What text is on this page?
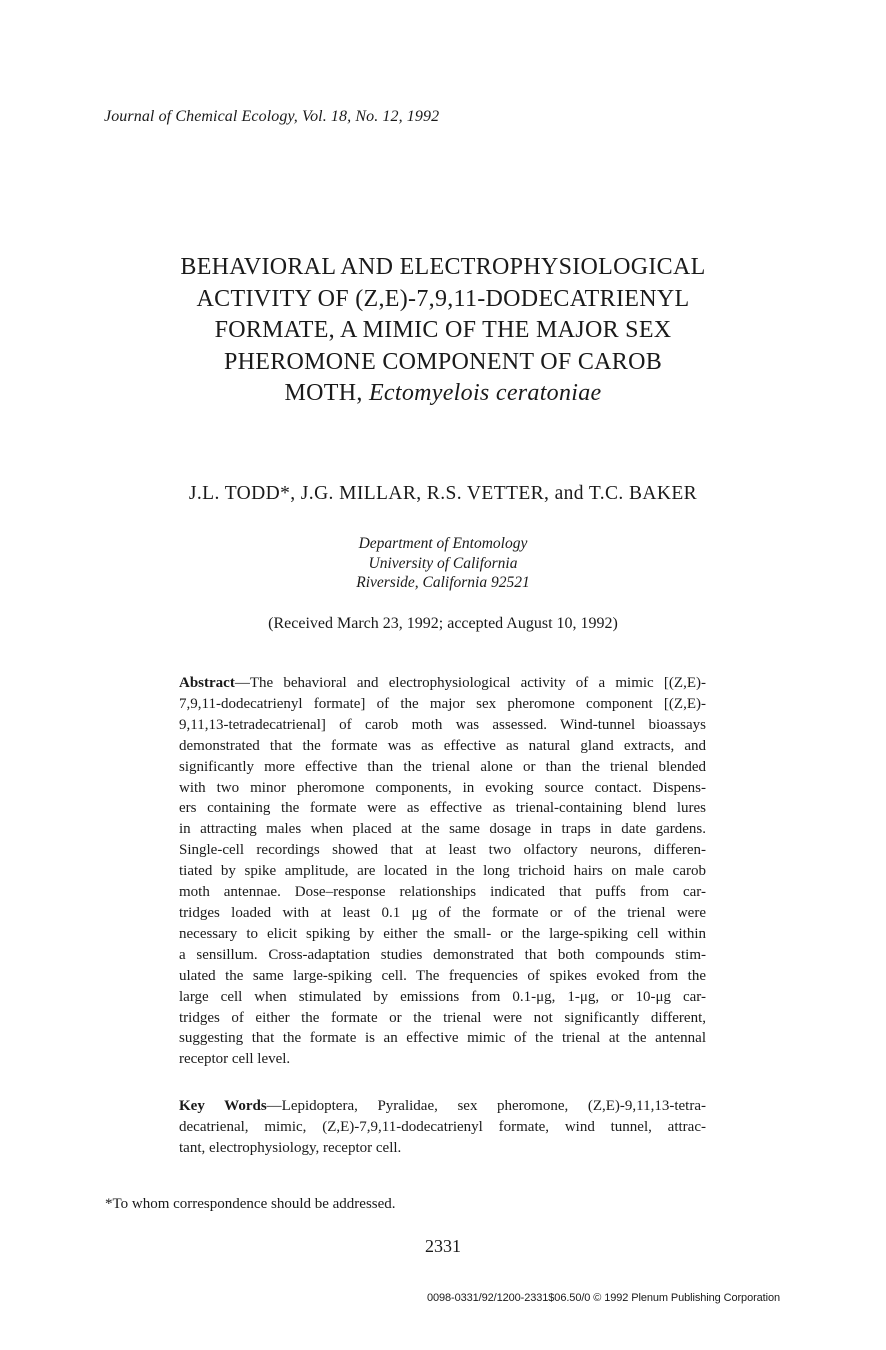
Journal of Chemical Ecology, Vol. 18, No. 12, 1992
BEHAVIORAL AND ELECTROPHYSIOLOGICAL
ACTIVITY OF (Z,E)-7,9,11-DODECATRIENYL
FORMATE, A MIMIC OF THE MAJOR SEX
PHEROMONE COMPONENT OF CAROB
MOTH, Ectomyelois ceratoniae
J.L. TODD*, J.G. MILLAR, R.S. VETTER, and T.C. BAKER
Department of Entomology
University of California
Riverside, California 92521
(Received March 23, 1992; accepted August 10, 1992)
Abstract—The behavioral and electrophysiological activity of a mimic [(Z,E)-
7,9,11-dodecatrienyl formate] of the major sex pheromone component [(Z,E)-
9,11,13-tetradecatrienal] of carob moth was assessed. Wind-tunnel bioassays
demonstrated that the formate was as effective as natural gland extracts, and
significantly more effective than the trienal alone or than the trienal blended
with two minor pheromone components, in evoking source contact. Dispens-
ers containing the formate were as effective as trienal-containing blend lures
in attracting males when placed at the same dosage in traps in date gardens.
Single-cell recordings showed that at least two olfactory neurons, differen-
tiated by spike amplitude, are located in the long trichoid hairs on male carob
moth antennae. Dose–response relationships indicated that puffs from car-
tridges loaded with at least 0.1 μg of the formate or of the trienal were
necessary to elicit spiking by either the small- or the large-spiking cell within
a sensillum. Cross-adaptation studies demonstrated that both compounds stim-
ulated the same large-spiking cell. The frequencies of spikes evoked from the
large cell when stimulated by emissions from 0.1-μg, 1-μg, or 10-μg car-
tridges of either the formate or the trienal were not significantly different,
suggesting that the formate is an effective mimic of the trienal at the antennal
receptor cell level.
Key Words—Lepidoptera, Pyralidae, sex pheromone, (Z,E)-9,11,13-tetra-
decatrienal, mimic, (Z,E)-7,9,11-dodecatrienyl formate, wind tunnel, attrac-
tant, electrophysiology, receptor cell.
*To whom correspondence should be addressed.
2331
0098-0331/92/1200-2331$06.50/0 © 1992 Plenum Publishing Corporation
